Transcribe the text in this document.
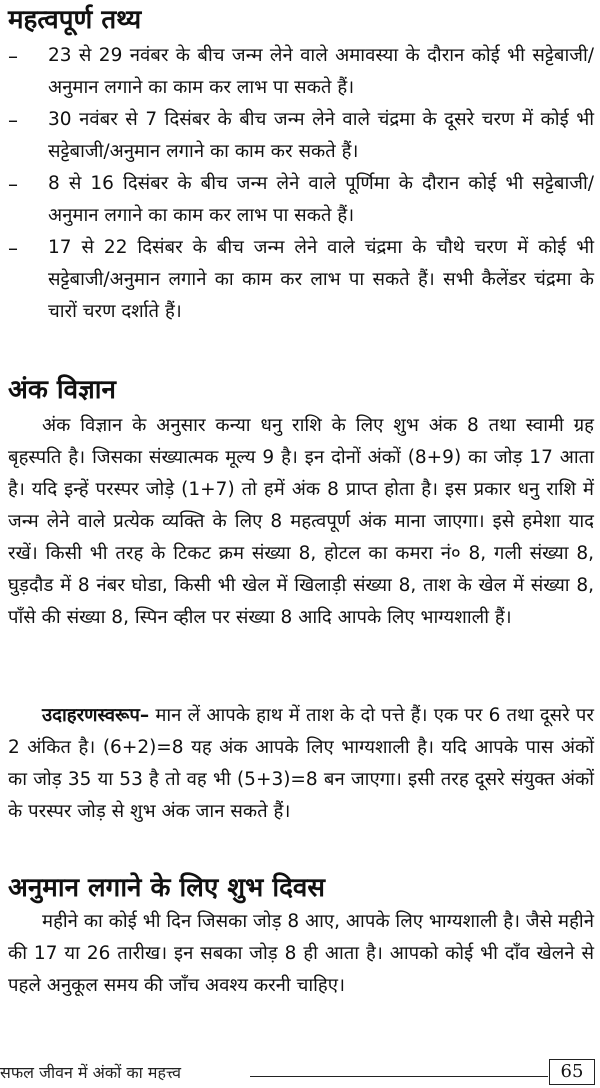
महत्वपूर्ण तथ्य
–	23 से 29 नवंबर के बीच जन्म लेने वाले अमावस्या के दौरान कोई भी सट्टेबाजी/अनुमान लगाने का काम कर लाभ पा सकते हैं।

–	30 नवंबर से 7 दिसंबर के बीच जन्म लेने वाले चंद्रमा के दूसरे चरण में कोई भी सट्टेबाजी/अनुमान लगाने का काम कर सकते हैं।

–	8 से 16 दिसंबर के बीच जन्म लेने वाले पूर्णिमा के दौरान कोई भी सट्टेबाजी/अनुमान लगाने का काम कर लाभ पा सकते हैं।

–	17 से 22 दिसंबर के बीच जन्म लेने वाले चंद्रमा के चौथे चरण में कोई भी सट्टेबाजी/अनुमान लगाने का काम कर लाभ पा सकते हैं। सभी कैलेंडर चंद्रमा के चारों चरण दर्शाते हैं।

अंक विज्ञान

अंक विज्ञान के अनुसार कन्या धनु राशि के लिए शुभ अंक 8 तथा स्वामी ग्रह बृहस्पति है। जिसका संख्यात्मक मूल्य 9 है। इन दोनों अंकों (8+9) का जोड़ 17 आता है। यदि इन्हें परस्पर जोड़े (1+7) तो हमें अंक 8 प्राप्त होता है। इस प्रकार धनु राशि में जन्म लेने वाले प्रत्येक व्यक्ति के लिए 8 महत्वपूर्ण अंक माना जाएगा। इसे हमेशा याद रखें। किसी भी तरह के टिकट क्रम संख्या 8, होटल का कमरा नं० 8, गली संख्या 8, घुड़दौड में 8 नंबर घोडा, किसी भी खेल में खिलाड़ी संख्या 8, ताश के खेल में संख्या 8, पाँसे की संख्या 8, स्पिन व्हील पर संख्या 8 आदि आपके लिए भाग्यशाली हैं।

उदाहरणस्वरूप– मान लें आपके हाथ में ताश के दो पत्ते हैं। एक पर 6 तथा दूसरे पर 2 अंकित है। (6+2)=8 यह अंक आपके लिए भाग्यशाली है। यदि आपके पास अंकों का जोड़ 35 या 53 है तो वह भी (5+3)=8 बन जाएगा। इसी तरह दूसरे संयुक्त अंकों के परस्पर जोड़ से शुभ अंक जान सकते हैं।

अनुमान लगाने के लिए शुभ दिवस

महीने का कोई भी दिन जिसका जोड़ 8 आए, आपके लिए भाग्यशाली है। जैसे महीने की 17 या 26 तारीख। इन सबका जोड़ 8 ही आता है। आपको कोई भी दाँव खेलने से पहले अनुकूल समय की जाँच अवश्य करनी चाहिए।

सफल जीवन में अंकों का महत्त्व	65
